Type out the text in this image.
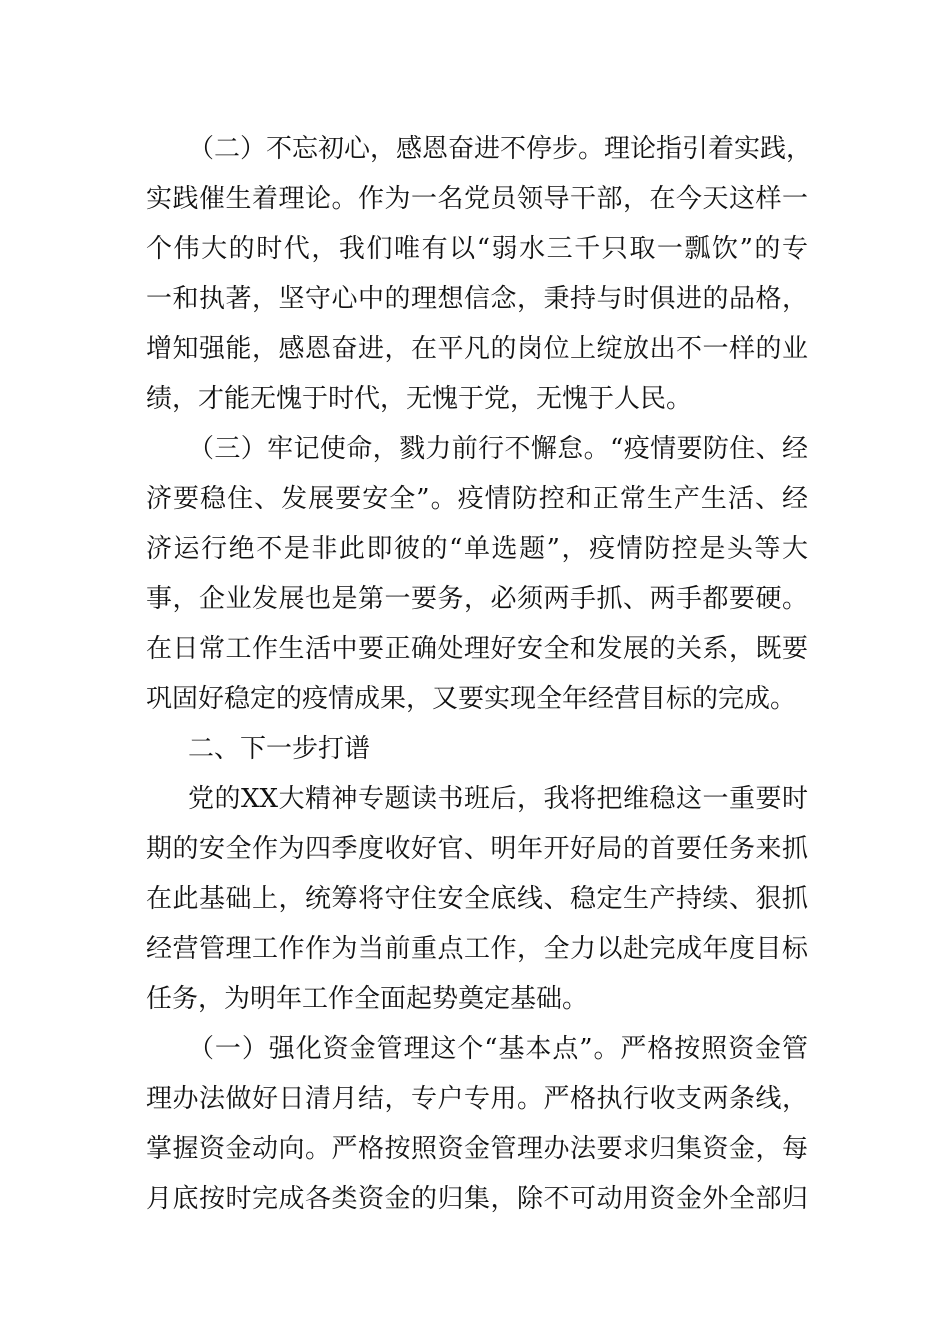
（二）不忘初心，感恩奋进不停步。理论指引着实践，
实践催生着理论。作为一名党员领导干部，在今天这样一
个伟大的时代，我们唯有以“弱水三千只取一瓢饮”的专
一和执著，坚守心中的理想信念，秉持与时俱进的品格，
增知强能，感恩奋进，在平凡的岗位上绽放出不一样的业
绩，才能无愧于时代，无愧于党，无愧于人民。
（三）牢记使命，戮力前行不懈怠。“疫情要防住、经
济要稳住、发展要安全”。疫情防控和正常生产生活、经
济运行绝不是非此即彼的“单选题”，疫情防控是头等大
事，企业发展也是第一要务，必须两手抓、两手都要硬。
在日常工作生活中要正确处理好安全和发展的关系，既要
巩固好稳定的疫情成果，又要实现全年经营目标的完成。
二、下一步打谱
党的XX大精神专题读书班后，我将把维稳这一重要时
期的安全作为四季度收好官、明年开好局的首要任务来抓
在此基础上，统筹将守住安全底线、稳定生产持续、狠抓
经营管理工作作为当前重点工作，全力以赴完成年度目标
任务，为明年工作全面起势奠定基础。
（一）强化资金管理这个“基本点”。严格按照资金管
理办法做好日清月结，专户专用。严格执行收支两条线，
掌握资金动向。严格按照资金管理办法要求归集资金，每
月底按时完成各类资金的归集，除不可动用资金外全部归
